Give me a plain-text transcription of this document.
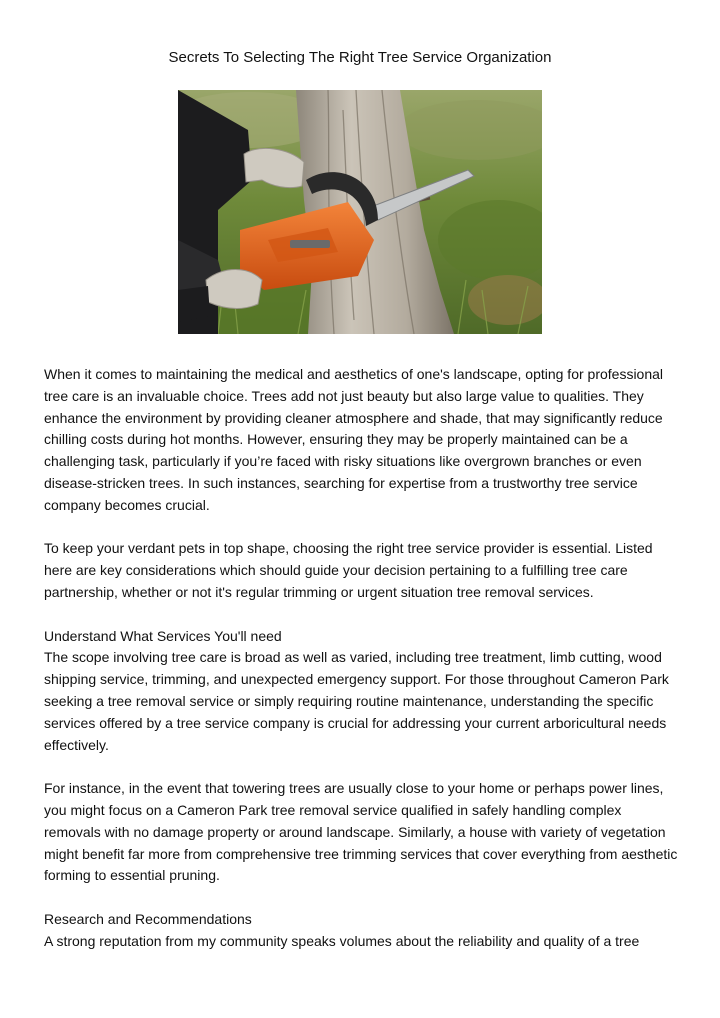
Secrets To Selecting The Right Tree Service Organization

When it comes to maintaining the medical and aesthetics of one's landscape, opting for professional tree care is an invaluable choice. Trees add not just beauty but also large value to qualities. They enhance the environment by providing cleaner atmosphere and shade, that may significantly reduce chilling costs during hot months. However, ensuring they may be properly maintained can be a challenging task, particularly if you’re faced with risky situations like overgrown branches or even disease-stricken trees. In such instances, searching for expertise from a trustworthy tree service company becomes crucial.

To keep your verdant pets in top shape, choosing the right tree service provider is essential. Listed here are key considerations which should guide your decision pertaining to a fulfilling tree care partnership, whether or not it's regular trimming or urgent situation tree removal services.

Understand What Services You'll need
The scope involving tree care is broad as well as varied, including tree treatment, limb cutting, wood shipping service, trimming, and unexpected emergency support. For those throughout Cameron Park seeking a tree removal service or simply requiring routine maintenance, understanding the specific services offered by a tree service company is crucial for addressing your current arboricultural needs effectively.

For instance, in the event that towering trees are usually close to your home or perhaps power lines, you might focus on a Cameron Park tree removal service qualified in safely handling complex removals with no damage property or around landscape. Similarly, a house with variety of vegetation might benefit far more from comprehensive tree trimming services that cover everything from aesthetic forming to essential pruning.

Research and Recommendations
A strong reputation from my community speaks volumes about the reliability and quality of a tree
